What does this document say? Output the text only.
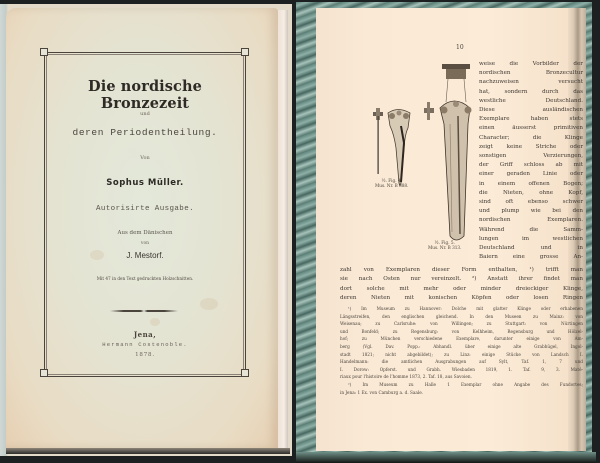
Die nordische Bronzezeit
und
deren Periodentheilung.
Von
Sophus Müller.
Autorisirte Ausgabe.
Aus dem Dänischen
von
J. Mestorf.
Mit 47 in den Text gedruckten Holzschnitten.
Jena,
Hermann Costenoble.
1878.
10
½. Fig. 4.
Mus. Nr. B 888.
½. Fig. 5.
Mus. Nr. B 313.
weise die Vorbilder der
nordischen Bronzecultur
nachzuweisen versucht
hat, sondern durch das
westliche Deutschland.
Diese ausländischen
Exemplare haben stets
einen äusserst primitiven
Character; die Klinge
zeigt keine Striche oder
sonstigen Verzierungen,
der Griff schloss ab mit
einer geraden Linie oder
in einem offenen Bogen;
die Nieten, ohne Kopf,
sind oft ebenso schwer
und plump wie bei den
nordischen Exemplaren.
Während die Samm-
lungen im westlichen
Deutschland und in
Baiern eine grosse An-
zahl von Exemplaren dieser Form enthalten, ¹) trifft man
sie nach Osten nur vereinzelt. ²) Anstatt ihrer findet man
dort solche mit mehr oder minder dreieckiger Klinge,
deren Nieten mit konischen Köpfen oder losen Ringen
¹) Im Museum zu Hannover: Dolche mit glatter Klinge oder erhabenen
Längsstreifen, den englischen gleichend. In den Museen zu Mainz: von
Weisenau; zu Carlsruhe: von Willingen; zu Stuttgart: von Nürtingen
und Bonfeld; zu Regensburg: von Kelhheim, Regensburg und Hölzel-
hof; zu München verschiedene Exemplare, darunter einige von Am-
berg (Vgl. Dav. Popp.: Abhandl. über einige alte Grabhügel, Ingol-
stadt 1821; nicht abgebildet); zu Linz: einige Stücke von Landsch I.
Handelmann: die amtlichen Ausgrabungen auf Sylt, Taf. 1, 7 und
I. Dorow: Opferst. und Grabh. Wiesbaden 1819, 1. Taf. 9, 3. Maté-
riaux pour l'histoire de l'homme 1873, 2. Taf. 18, aus Savoien.
²) Im Museum zu Halle 1 Exemplar ohne Angabe des Fundortes;
in Jena: 1 Ex. von Camburg a. d. Saale.
